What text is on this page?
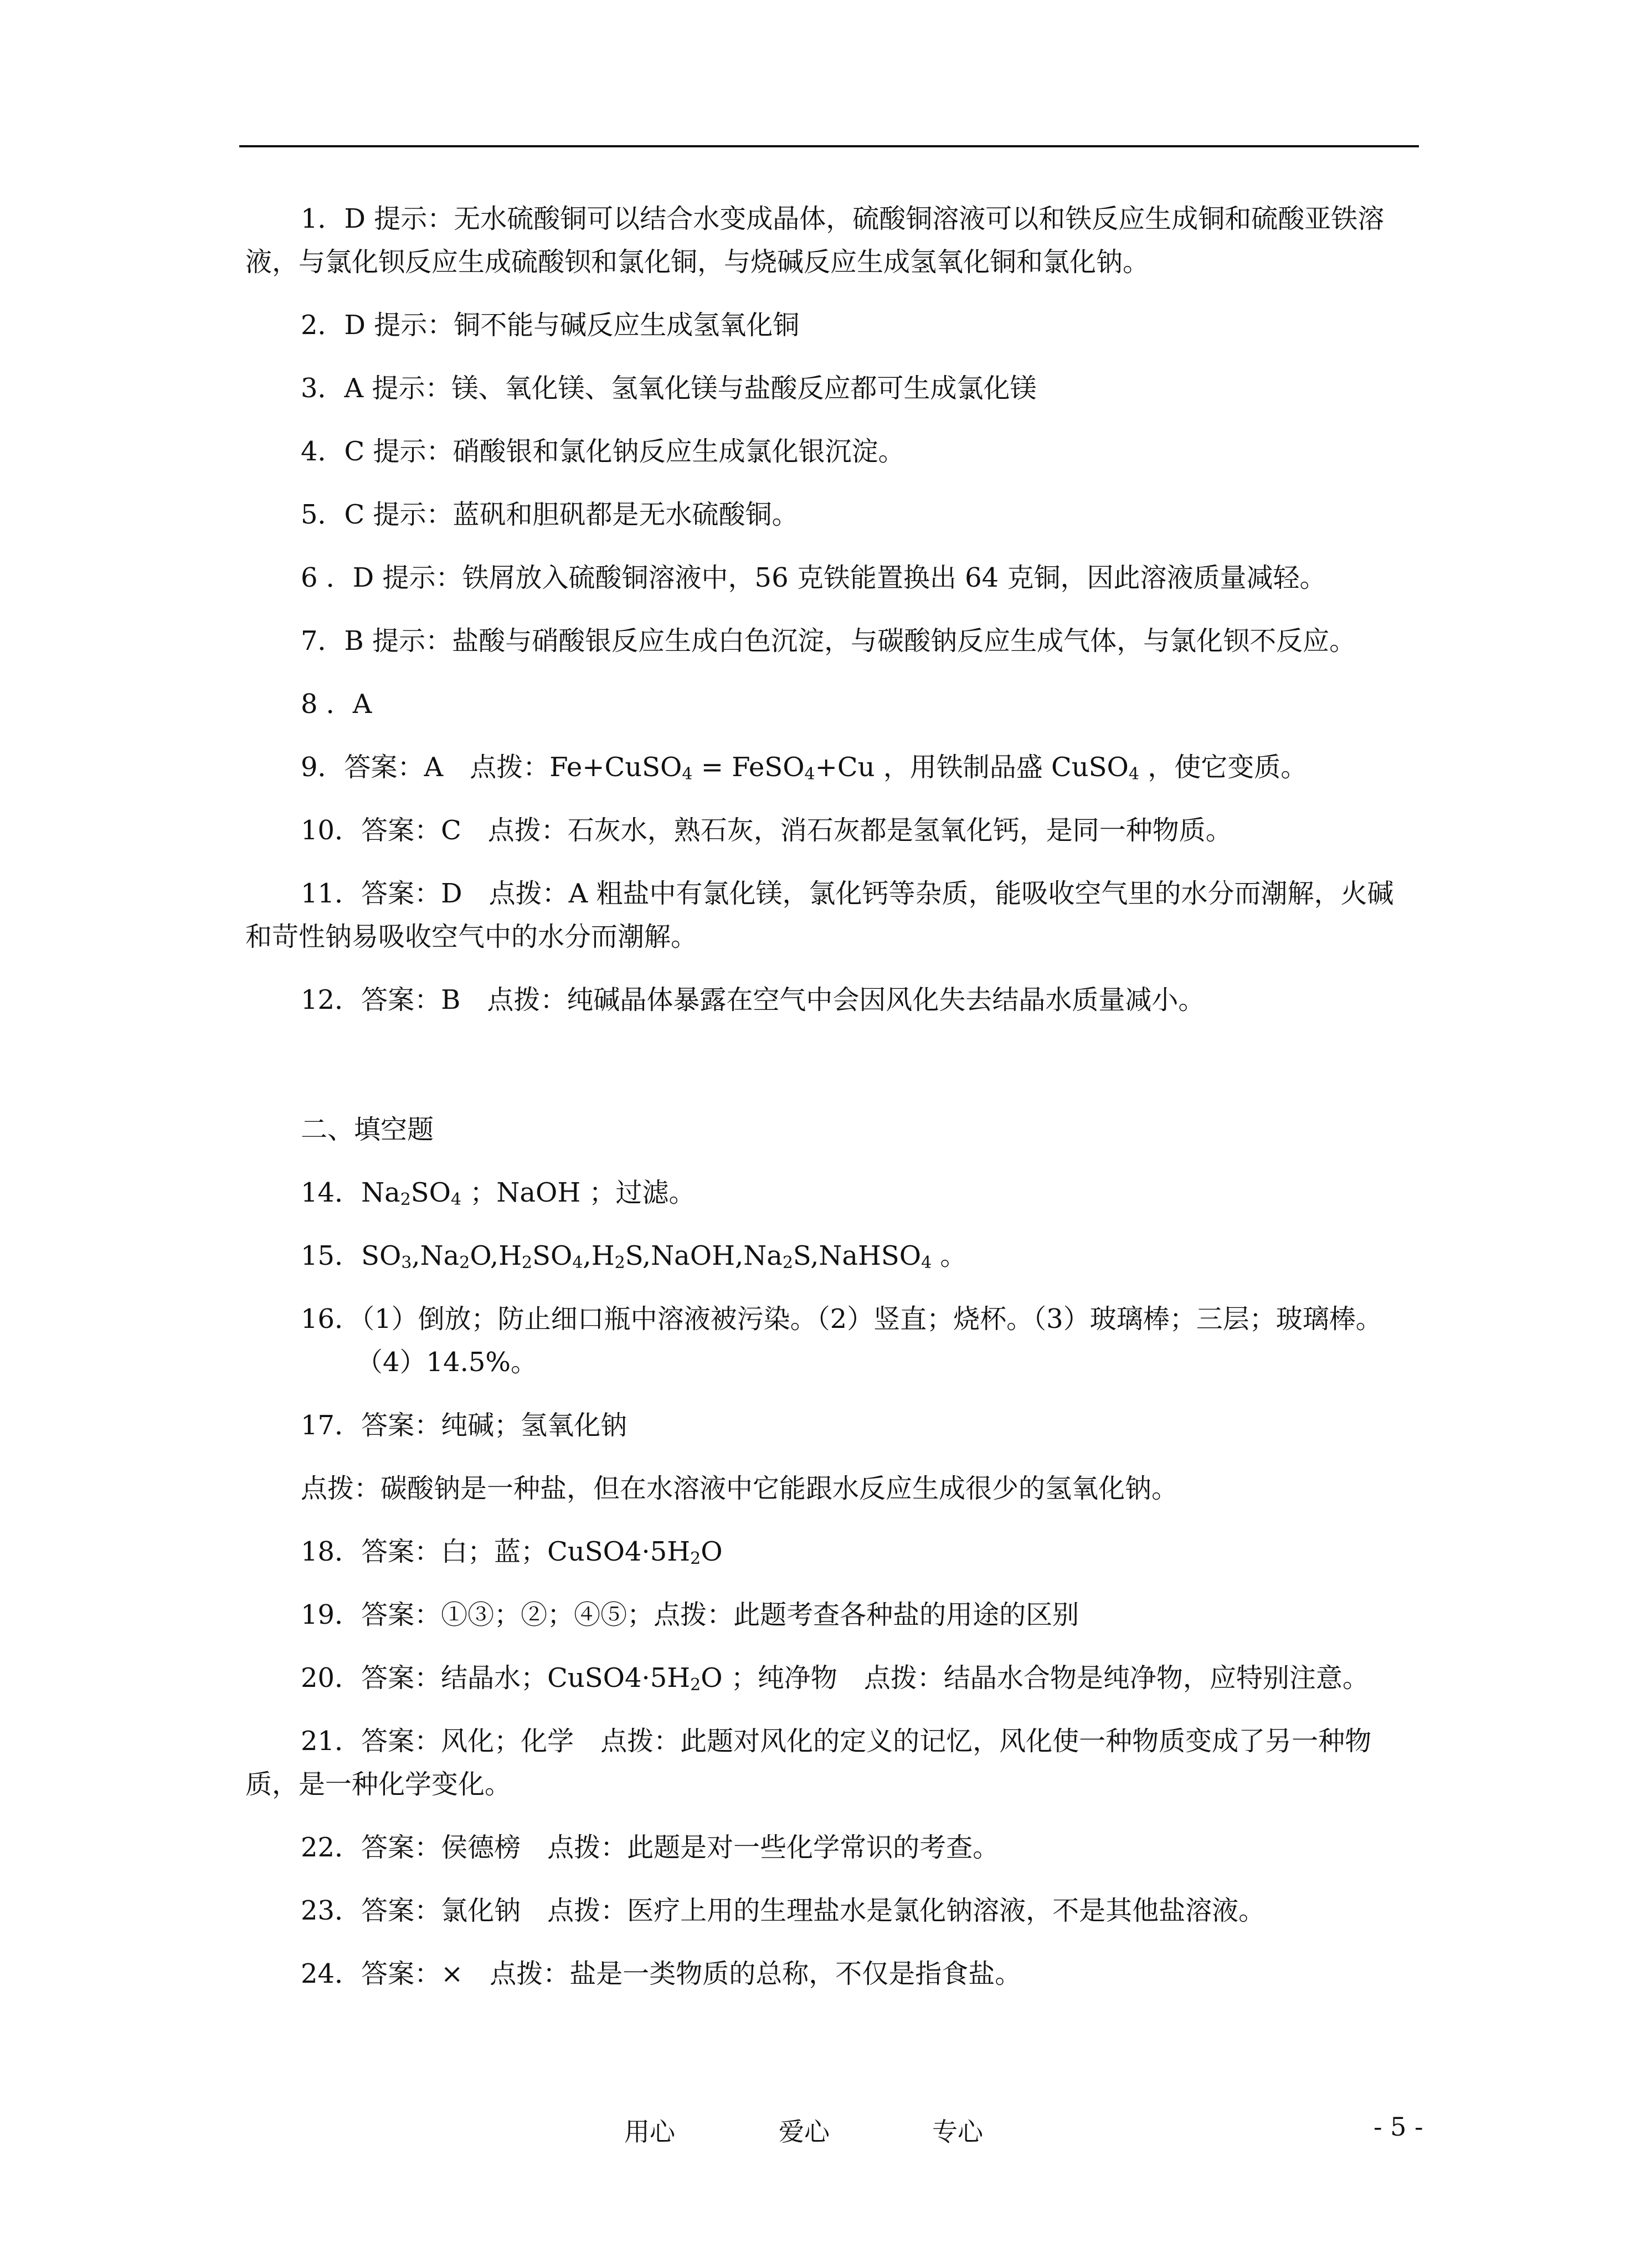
1．D 提示：无水硫酸铜可以结合水变成晶体，硫酸铜溶液可以和铁反应生成铜和硫酸亚铁溶液，与氯化钡反应生成硫酸钡和氯化铜，与烧碱反应生成氢氧化铜和氯化钠。
2．D 提示：铜不能与碱反应生成氢氧化铜
3．A 提示：镁、氧化镁、氢氧化镁与盐酸反应都可生成氯化镁
4．C 提示：硝酸银和氯化钠反应生成氯化银沉淀。
5．C 提示：蓝矾和胆矾都是无水硫酸铜。
6 ．D 提示：铁屑放入硫酸铜溶液中，56 克铁能置换出 64 克铜，因此溶液质量减轻。
7．B 提示：盐酸与硝酸银反应生成白色沉淀，与碳酸钠反应生成气体，与氯化钡不反应。
8 ．A
9．答案：A　点拨：Fe+CuSO$_4$ = FeSO$_4$+Cu ，用铁制品盛 CuSO$_4$ ，使它变质。
10．答案：C　点拨：石灰水，熟石灰，消石灰都是氢氧化钙，是同一种物质。
11．答案：D　点拨：A 粗盐中有氯化镁，氯化钙等杂质，能吸收空气里的水分而潮解，火碱和苛性钠易吸收空气中的水分而潮解。
12．答案：B　点拨：纯碱晶体暴露在空气中会因风化失去结晶水质量减小。
二、填空题
14．$Na_2SO_4$ ；NaOH ；过滤。
15．$SO_3,Na_2O,H_2SO_4,H_2S,NaOH,Na_2S,NaHSO_4$ 。
16．（1）倒放；防止细口瓶中溶液被污染。（2）竖直；烧杯。（3）玻璃棒；三层；玻璃棒。
（4）14.5%。
17．答案：纯碱；氢氧化钠
点拨：碳酸钠是一种盐，但在水溶液中它能跟水反应生成很少的氢氧化钠。
18．答案：白；蓝；$CuSO4\cdot 5H_2O$
19．答案：①③；②；④⑤；点拨：此题考查各种盐的用途的区别
20．答案：结晶水；$CuSO4\cdot 5H_2O$ ；纯净物　点拨：结晶水合物是纯净物，应特别注意。
21．答案：风化；化学　点拨：此题对风化的定义的记忆，风化使一种物质变成了另一种物质，是一种化学变化。
22．答案：侯德榜　点拨：此题是对一些化学常识的考查。
23．答案：氯化钠　点拨：医疗上用的生理盐水是氯化钠溶液，不是其他盐溶液。
24．答案：×　点拨：盐是一类物质的总称，不仅是指食盐。
用心	爱心	专心	- 5 -
